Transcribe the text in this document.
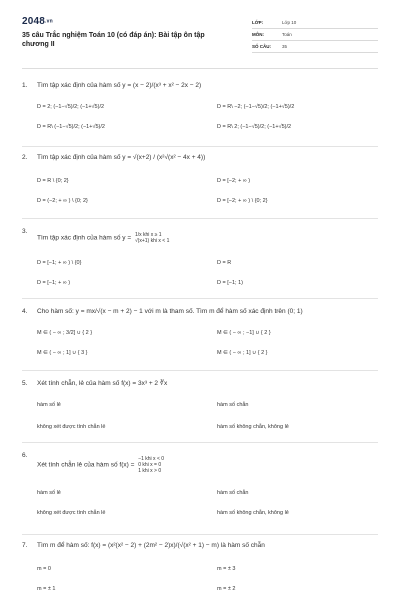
2048.vn
35 câu Trắc nghiệm Toán 10 (có đáp án): Bài tập ôn tập chương II
LỚP:	Lớp 10
MÔN:	Toán
SỐ CÂU:	35
1. Tìm tập xác định của hàm số y = (x − 2)/(x³ + x² − 2x − 2)
D = 2; (−1−√5)/2; (−1+√5)/2	D = R\ −2; (−1−√5)/2; (−1+√5)/2
D = R\ (−1−√5)/2; (−1+√5)/2	D = R\ 2; (−1−√5)/2; (−1+√5)/2
2. Tìm tập xác định của hàm số y = √(x+2) / (x²√(x² − 4x + 4))
D = R \ {0; 2}	D = [−2; + ∞ )
D = (−2; + ∞ ) \ {0; 2}	D = [−2; + ∞ ) \ {0; 2}
3.
Tìm tập xác định của hàm số y = 1/x khi x ≥ 1
√(x+1) khi x < 1
D = [−1; + ∞ ) \ {0}	D = R
D = [−1; + ∞ )	D = [−1; 1)
4. Cho hàm số: y = mx/√(x − m + 2) − 1 với m là tham số. Tìm m để hàm số xác định trên (0; 1)
M ∈ ( − ∞ ; 3/2] ∪ { 2 }	M ∈ ( − ∞ ; −1] ∪ { 2 }
M ∈ ( − ∞ ; 1] ∪ { 3 }	M ∈ ( − ∞ ; 1] ∪ { 2 }
5. Xét tính chẵn, lẻ của hàm số f(x) = 3x³ + 2 ∛x
hàm số lẻ	hàm số chẵn
không xét được tính chẵn lẻ	hàm số không chẵn, không lẻ
6.
Xét tính chẵn lẻ của hàm số f(x) = −1 khi x < 0
0 khi x = 0
1 khi x > 0
hàm số lẻ	hàm số chẵn
không xét được tính chẵn lẻ	hàm số không chẵn, không lẻ
7. Tìm m để hàm số: f(x) = (x²(x² − 2) + (2m² − 2)x)/(√(x² + 1) − m) là hàm số chẵn
m = 0	m = ± 3
m = ± 1	m = ± 2
